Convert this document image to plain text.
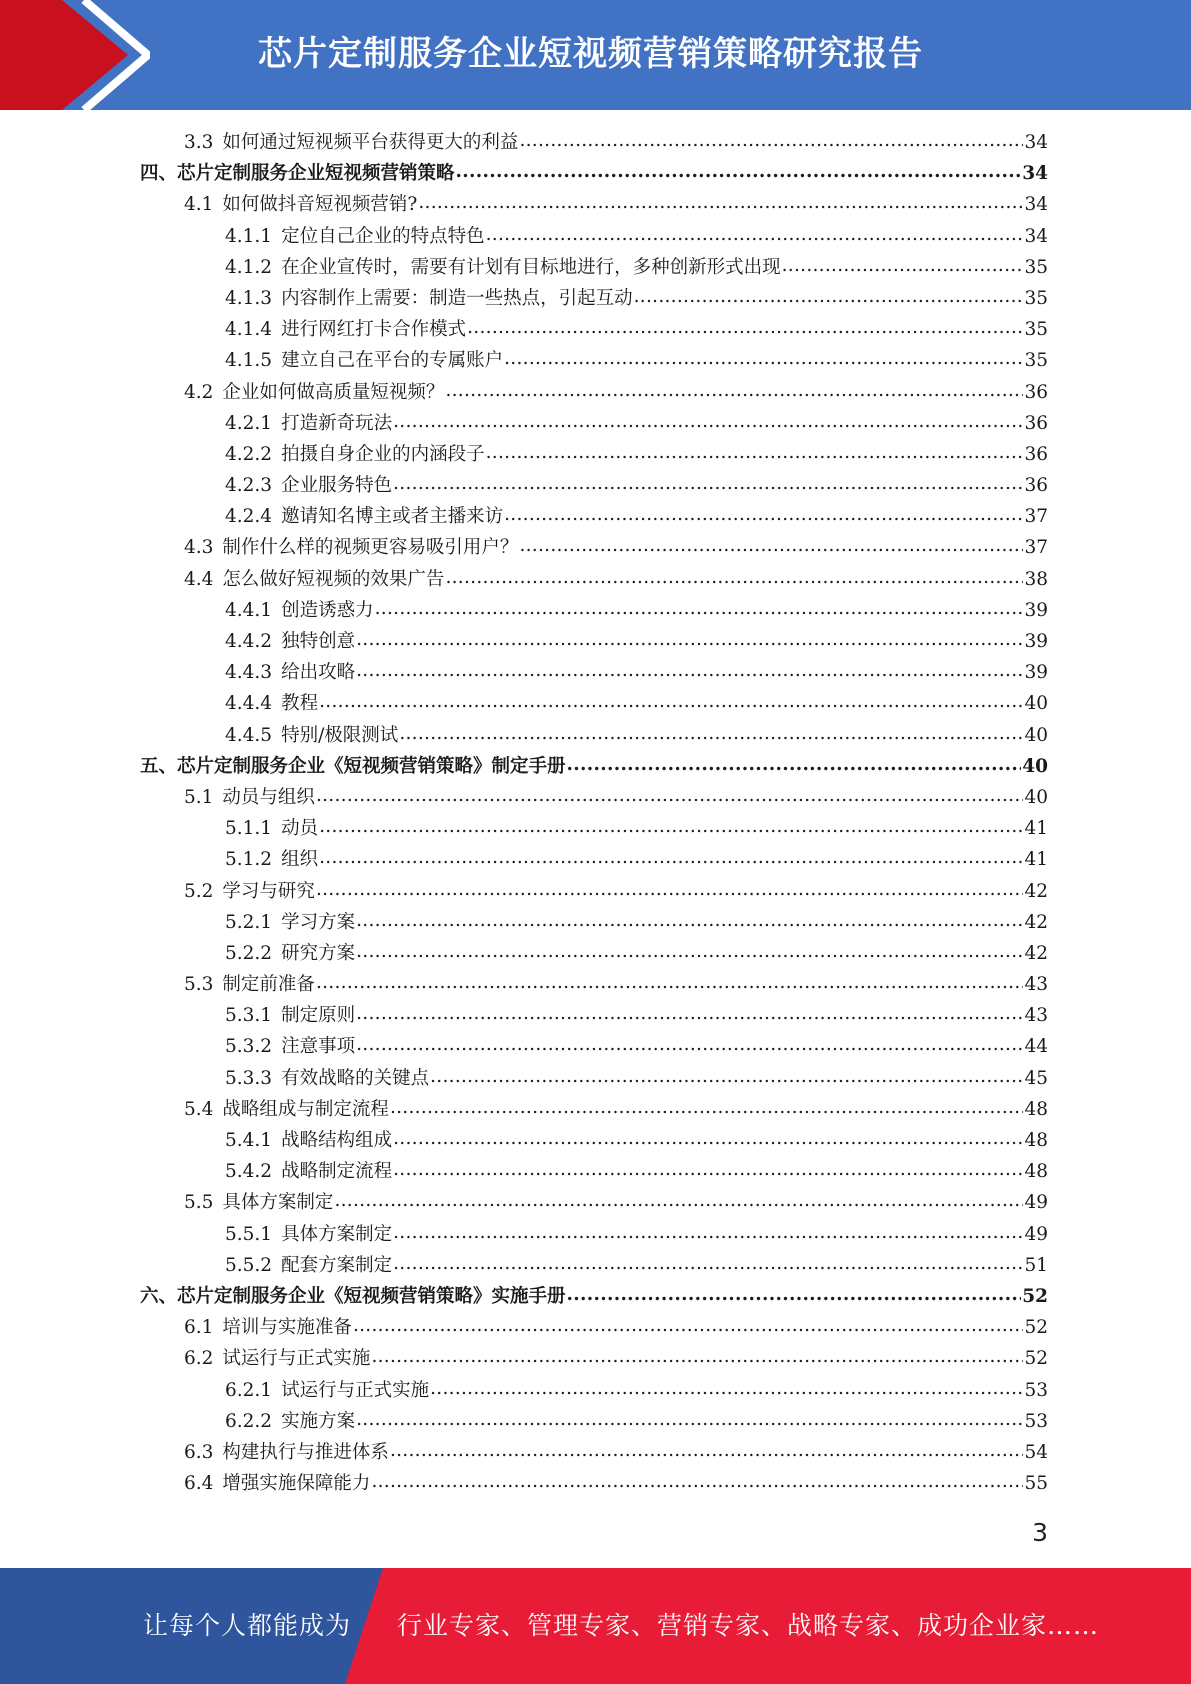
芯片定制服务企业短视频营销策略研究报告
3.3 如何通过短视频平台获得更大的利益 .....	34
四、芯片定制服务企业短视频营销策略 .....	34
4.1 如何做抖音短视频营销? .....	34
4.1.1 定位自己企业的特点特色 .....	34
4.1.2 在企业宣传时，需要有计划有目标地进行，多种创新形式出现 .....	35
4.1.3 内容制作上需要：制造一些热点，引起互动 .....	35
4.1.4 进行网红打卡合作模式 .....	35
4.1.5 建立自己在平台的专属账户 .....	35
4.2 企业如何做高质量短视频？ .....	36
4.2.1 打造新奇玩法 .....	36
4.2.2 拍摄自身企业的内涵段子 .....	36
4.2.3 企业服务特色 .....	36
4.2.4 邀请知名博主或者主播来访 .....	37
4.3 制作什么样的视频更容易吸引用户？ .....	37
4.4 怎么做好短视频的效果广告 .....	38
4.4.1 创造诱惑力 .....	39
4.4.2 独特创意 .....	39
4.4.3 给出攻略 .....	39
4.4.4 教程 .....	40
4.4.5 特别/极限测试 .....	40
五、芯片定制服务企业《短视频营销策略》制定手册 .....	40
5.1 动员与组织 .....	40
5.1.1 动员 .....	41
5.1.2 组织 .....	41
5.2 学习与研究 .....	42
5.2.1 学习方案 .....	42
5.2.2 研究方案 .....	42
5.3 制定前准备 .....	43
5.3.1 制定原则 .....	43
5.3.2 注意事项 .....	44
5.3.3 有效战略的关键点 .....	45
5.4 战略组成与制定流程 .....	48
5.4.1 战略结构组成 .....	48
5.4.2 战略制定流程 .....	48
5.5 具体方案制定 .....	49
5.5.1 具体方案制定 .....	49
5.5.2 配套方案制定 .....	51
六、芯片定制服务企业《短视频营销策略》实施手册 .....	52
6.1 培训与实施准备 .....	52
6.2 试运行与正式实施 .....	52
6.2.1 试运行与正式实施 .....	53
6.2.2 实施方案 .....	53
6.3 构建执行与推进体系 .....	54
6.4 增强实施保障能力 .....	55
3
让每个人都能成为 行业专家、管理专家、营销专家、战略专家、成功企业家……
